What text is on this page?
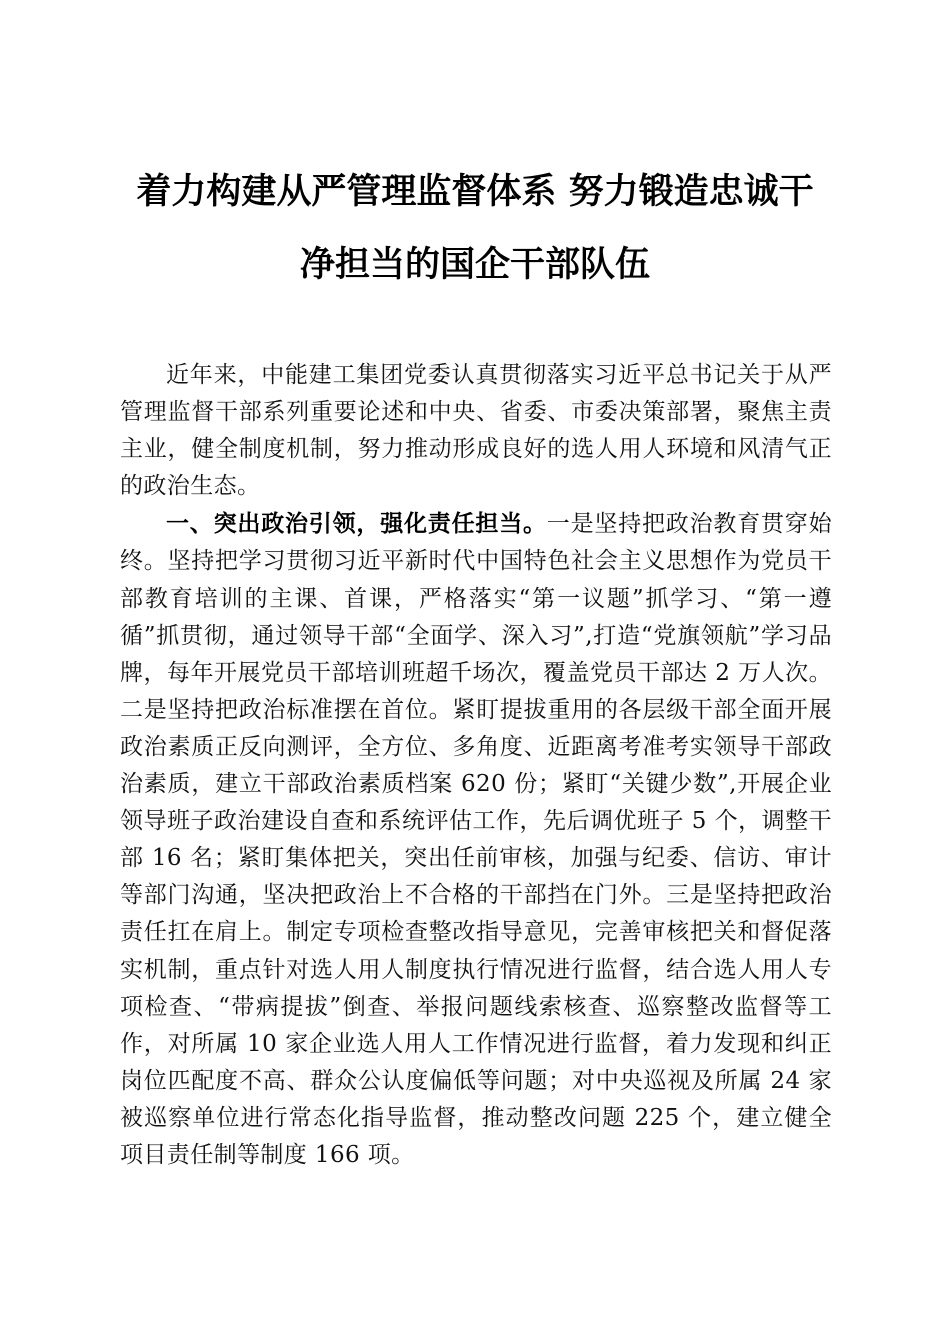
着力构建从严管理监督体系 努力锻造忠诚干
净担当的国企干部队伍

近年来，中能建工集团党委认真贯彻落实习近平总书记关于从严管理监督干部系列重要论述和中央、省委、市委决策部署，聚焦主责主业，健全制度机制，努力推动形成良好的选人用人环境和风清气正的政治生态。

一、突出政治引领，强化责任担当。一是坚持把政治教育贯穿始终。坚持把学习贯彻习近平新时代中国特色社会主义思想作为党员干部教育培训的主课、首课，严格落实“第一议题”抓学习、“第一遵循”抓贯彻，通过领导干部“全面学、深入习”,打造“党旗领航”学习品牌，每年开展党员干部培训班超千场次，覆盖党员干部达 2 万人次。二是坚持把政治标准摆在首位。紧盯提拔重用的各层级干部全面开展政治素质正反向测评，全方位、多角度、近距离考准考实领导干部政治素质，建立干部政治素质档案 620 份；紧盯“关键少数”,开展企业领导班子政治建设自查和系统评估工作，先后调优班子 5 个，调整干部 16 名；紧盯集体把关，突出任前审核，加强与纪委、信访、审计等部门沟通，坚决把政治上不合格的干部挡在门外。三是坚持把政治责任扛在肩上。制定专项检查整改指导意见，完善审核把关和督促落实机制，重点针对选人用人制度执行情况进行监督，结合选人用人专项检查、“带病提拔”倒查、举报问题线索核查、巡察整改监督等工作，对所属 10 家企业选人用人工作情况进行监督，着力发现和纠正岗位匹配度不高、群众公认度偏低等问题；对中央巡视及所属 24 家被巡察单位进行常态化指导监督，推动整改问题 225 个，建立健全项目责任制等制度 166 项。
